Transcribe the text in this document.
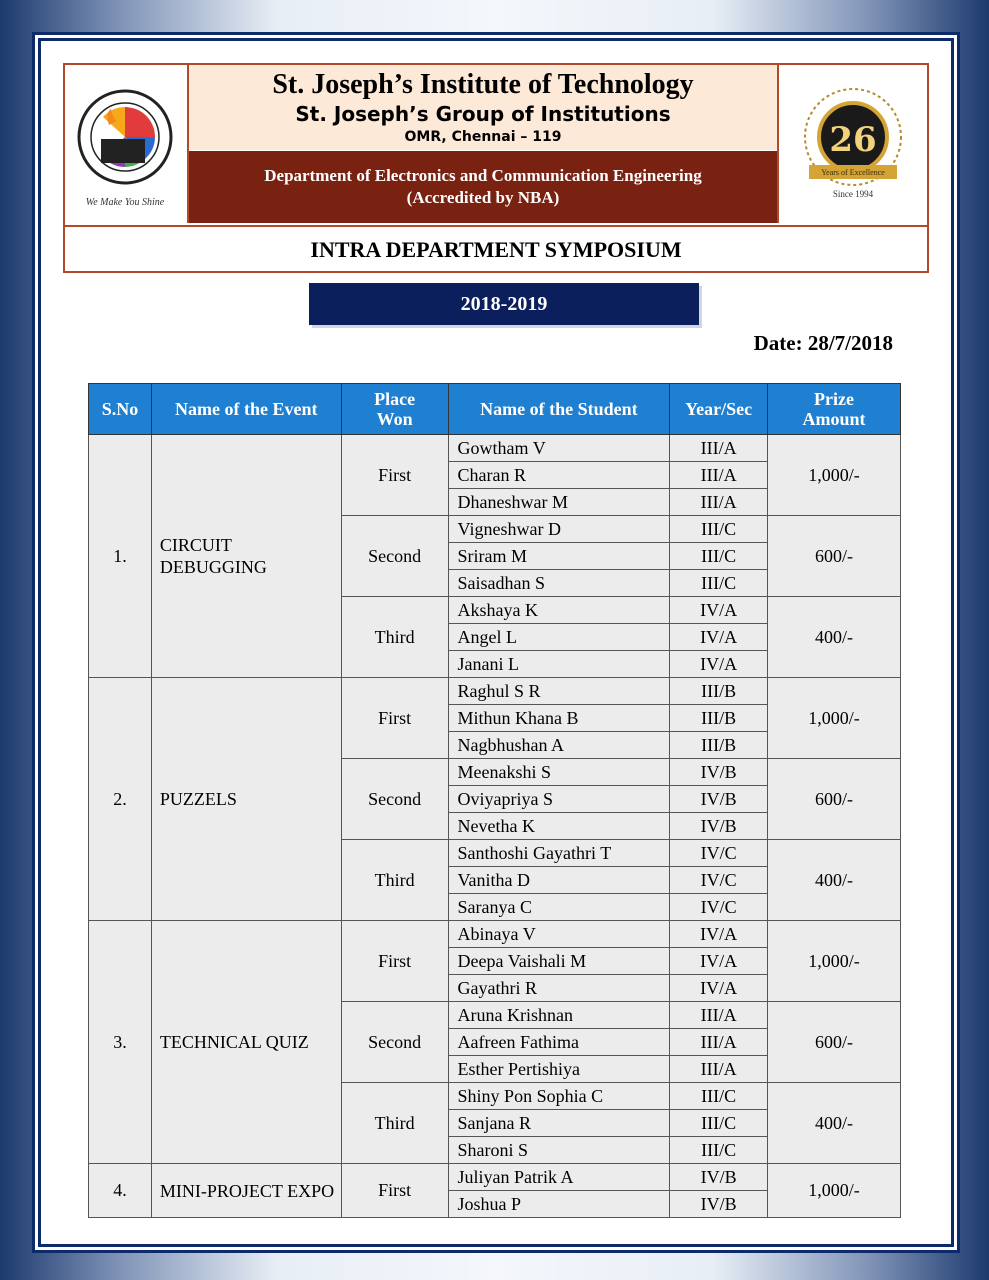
We Make You Shine
St. Joseph’s Institute of Technology
St. Joseph’s Group of Institutions
OMR, Chennai – 119
Department of Electronics and Communication Engineering
(Accredited by NBA)
26
Years of Excellence
Since 1994
INTRA DEPARTMENT SYMPOSIUM
2018-2019
Date: 28/7/2018
S.No	Name of the Event	Place Won	Name of the Student	Year/Sec	Prize Amount
1.	CIRCUIT DEBUGGING	First	Gowtham V	III/A	1,000/-
			Charan R	III/A	
			Dhaneshwar M	III/A	
		Second	Vigneshwar D	III/C	600/-
			Sriram M	III/C	
			Saisadhan S	III/C	
		Third	Akshaya K	IV/A	400/-
			Angel L	IV/A	
			Janani L	IV/A	
2.	PUZZELS	First	Raghul S R	III/B	1,000/-
			Mithun Khana B	III/B	
			Nagbhushan A	III/B	
		Second	Meenakshi S	IV/B	600/-
			Oviyapriya S	IV/B	
			Nevetha K	IV/B	
		Third	Santhoshi Gayathri T	IV/C	400/-
			Vanitha D	IV/C	
			Saranya C	IV/C	
3.	TECHNICAL QUIZ	First	Abinaya V	IV/A	1,000/-
			Deepa Vaishali M	IV/A	
			Gayathri R	IV/A	
		Second	Aruna Krishnan	III/A	600/-
			Aafreen Fathima	III/A	
			Esther Pertishiya	III/A	
		Third	Shiny Pon Sophia C	III/C	400/-
			Sanjana R	III/C	
			Sharoni S	III/C	
4.	MINI-PROJECT EXPO	First	Juliyan Patrik A	IV/B	1,000/-
			Joshua P	IV/B	
